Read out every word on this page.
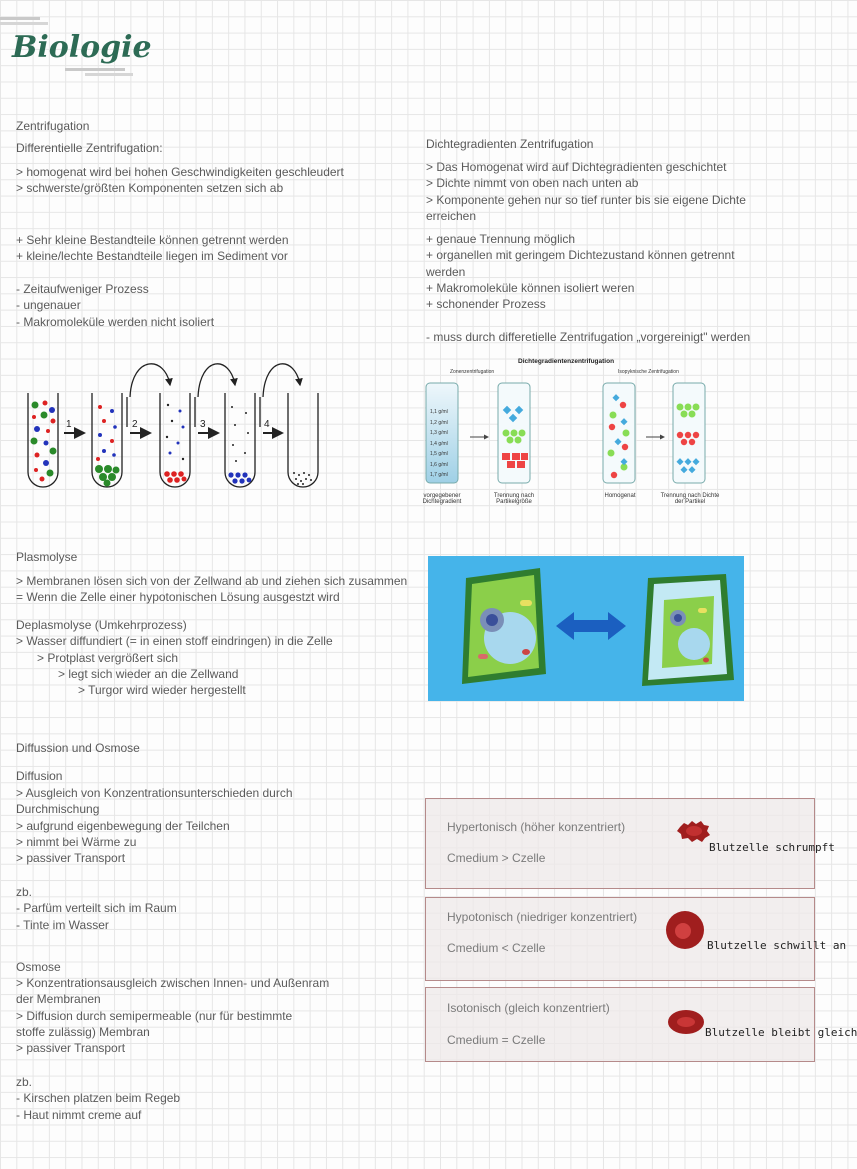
Biologie
Zentrifugation
Differentielle Zentrifugation:
> homogenat wird bei hohen Geschwindigkeiten geschleudert
> schwerste/größten Komponenten setzen sich ab
+ Sehr kleine Bestandteile können getrennt werden
+ kleine/lechte Bestandteile liegen im Sediment vor
- Zeitaufweniger Prozess
- ungenauer
- Makromoleküle werden nicht isoliert
Dichtegradienten Zentrifugation
> Das Homogenat wird auf Dichtegradienten geschichtet
> Dichte nimmt von oben nach unten ab
> Komponente gehen nur so tief runter bis sie eigene Dichte
erreichen
+ genaue Trennung möglich
+ organellen mit geringem Dichtezustand können getrennt
werden
+ Makromoleküle können isoliert weren
+ schonender Prozess
- muss durch differetielle Zentrifugation „vorgereinigt" werden
1	2	3	4
Dichtegradientenzentrifugation
Zonenzentrifugation	Isopyknische Zentrifugation
1,1 g/ml
1,2 g/ml
1,3 g/ml
1,4 g/ml
1,5 g/ml
1,6 g/ml
1,7 g/ml
vorgegebener Dichtegradient
Trennung nach Partikelgröße
Homogenat	Trennung nach Dichte der Partikel
Plasmolyse
> Membranen lösen sich von der Zellwand ab und ziehen sich zusammen
= Wenn die Zelle einer hypotonischen Lösung ausgestzt wird
Deplasmolyse (Umkehrprozess)
> Wasser diffundiert (= in einen stoff eindringen) in die Zelle
> Protplast vergrößert sich
> legt sich wieder an die Zellwand
> Turgor wird wieder hergestellt
Diffussion und Osmose
Diffusion
> Ausgleich von Konzentrationsunterschieden durch
Durchmischung
> aufgrund eigenbewegung der Teilchen
> nimmt bei Wärme zu
> passiver Transport
zb.
- Parfüm verteilt sich im Raum
- Tinte im Wasser
Osmose
> Konzentrationsausgleich zwischen Innen- und Außenram
der Membranen
> Diffusion durch semipermeable (nur für bestimmte
stoffe zulässig) Membran
> passiver Transport
zb.
- Kirschen platzen beim Regeb
- Haut nimmt creme auf
Hypertonisch (höher konzentriert)
Cmedium > Czelle
Blutzelle schrumpft
Hypotonisch (niedriger konzentriert)
Cmedium < Czelle	Blutzelle schwillt an
Isotonisch (gleich konzentriert)
Cmedium = Czelle
Blutzelle bleibt gleich
